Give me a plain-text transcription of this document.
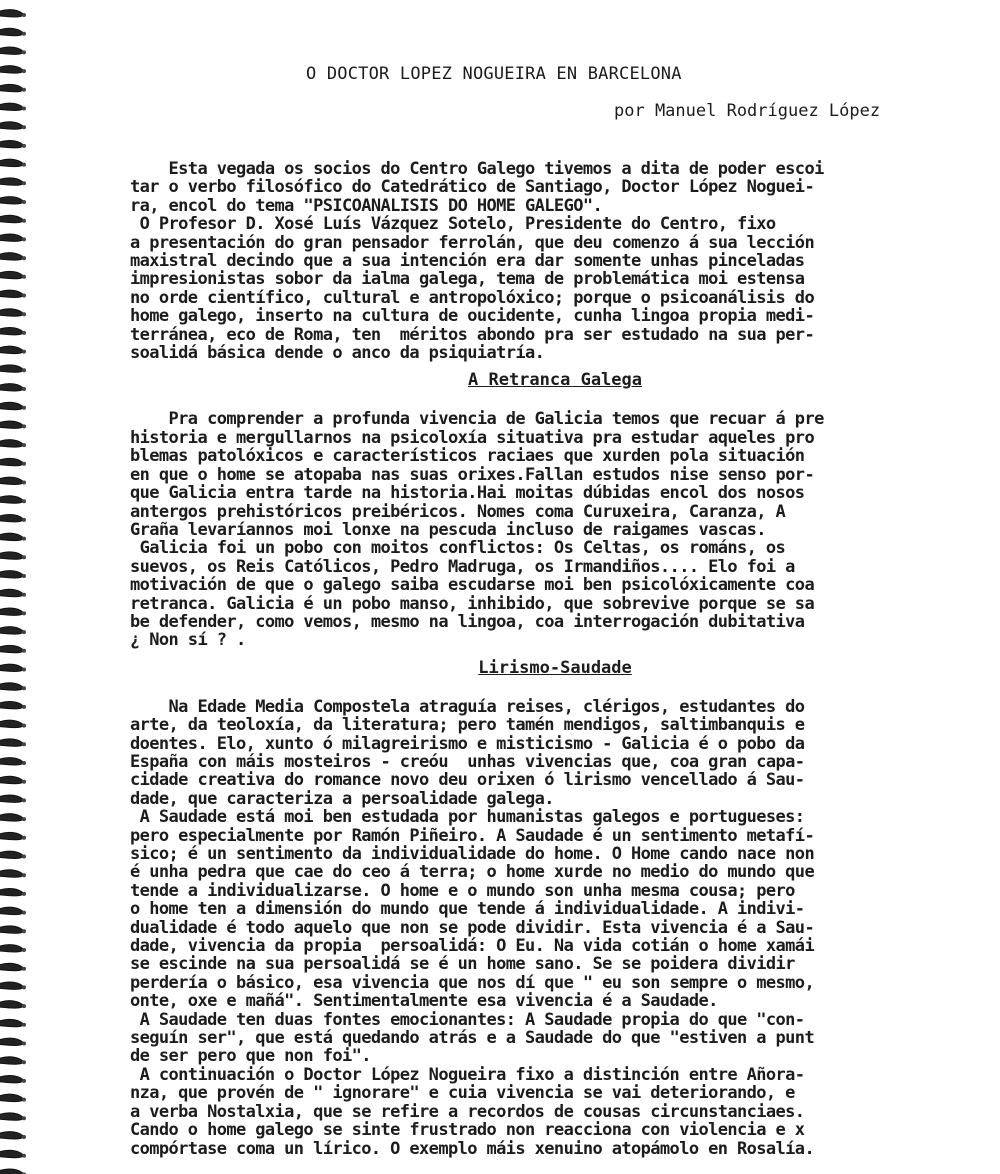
O DOCTOR LOPEZ NOGUEIRA EN BARCELONA
por Manuel Rodríguez López

Esta vegada os socios do Centro Galego tivemos a dita de poder escoi

tar o verbo filosófico do Catedrático de Santiago, Doctor López Noguei-

ra, encol do tema "PSICOANALISIS DO HOME GALEGO".

O Profesor D. Xosé Luís Vázquez Sotelo, Presidente do Centro, fixo

a presentación do gran pensador ferrolán, que deu comenzo á sua lección

maxistral decindo que a sua intención era dar somente unhas pinceladas

impresionistas sobor da ialma galega, tema de problemática moi estensa

no orde científico, cultural e antropolóxico; porque o psicoanálisis do

home galego, inserto na cultura de oucidente, cunha lingoa propia medi-

terránea, eco de Roma, ten  méritos abondo pra ser estudado na sua per-

soalidá básica dende o anco da psiquiatría.

A Retranca Galega

Pra comprender a profunda vivencia de Galicia temos que recuar á pre

historia e mergullarnos na psicoloxía situativa pra estudar aqueles pro

blemas patolóxicos e característicos raciaes que xurden pola situación

en que o home se atopaba nas suas orixes.Fallan estudos nise senso por-

que Galicia entra tarde na historia.Hai moitas dúbidas encol dos nosos

antergos prehistóricos preibéricos. Nomes coma Curuxeira, Caranza, A

Graña levaríannos moi lonxe na pescuda incluso de raigames vascas.

Galicia foi un pobo con moitos conflictos: Os Celtas, os románs, os

suevos, os Reis Católicos, Pedro Madruga, os Irmandiños.... Elo foi a

motivación de que o galego saiba escudarse moi ben psicolóxicamente coa

retranca. Galicia é un pobo manso, inhibido, que sobrevive porque se sa

be defender, como vemos, mesmo na lingoa, coa interrogación dubitativa

¿ Non sí ? .

Lirismo-Saudade

Na Edade Media Compostela atraguía reises, clérigos, estudantes do

arte, da teoloxía, da literatura; pero tamén mendigos, saltimbanquis e

doentes. Elo, xunto ó milagreirismo e misticismo - Galicia é o pobo da

España con máis mosteiros - creóu  unhas vivencias que, coa gran capa-

cidade creativa do romance novo deu orixen ó lirismo vencellado á Sau-

dade, que caracteriza a persoalidade galega.

A Saudade está moi ben estudada por humanistas galegos e portugueses:

pero especialmente por Ramón Piñeiro. A Saudade é un sentimento metafí-

sico; é un sentimento da individualidade do home. O Home cando nace non

é unha pedra que cae do ceo á terra; o home xurde no medio do mundo que

tende a individualizarse. O home e o mundo son unha mesma cousa; pero

o home ten a dimensión do mundo que tende á individualidade. A indivi-

dualidade é todo aquelo que non se pode dividir. Esta vivencia é a Sau-

dade, vivencia da propia  persoalidá: O Eu. Na vida cotián o home xamái

se escinde na sua persoalidá se é un home sano. Se se poidera dividir

perdería o básico, esa vivencia que nos dí que " eu son sempre o mesmo,

onte, oxe e mañá". Sentimentalmente esa vivencia é a Saudade.

A Saudade ten duas fontes emocionantes: A Saudade propia do que "con-

seguín ser", que está quedando atrás e a Saudade do que "estiven a punt

de ser pero que non foi".

A continuación o Doctor López Nogueira fixo a distinción entre Añora-

nza, que provén de " ignorare" e cuia vivencia se vai deteriorando, e

a verba Nostalxia, que se refire a recordos de cousas circunstanciaes.

Cando o home galego se sinte frustrado non reacciona con violencia e x

compórtase coma un lírico. O exemplo máis xenuino atopámolo en Rosalía.
